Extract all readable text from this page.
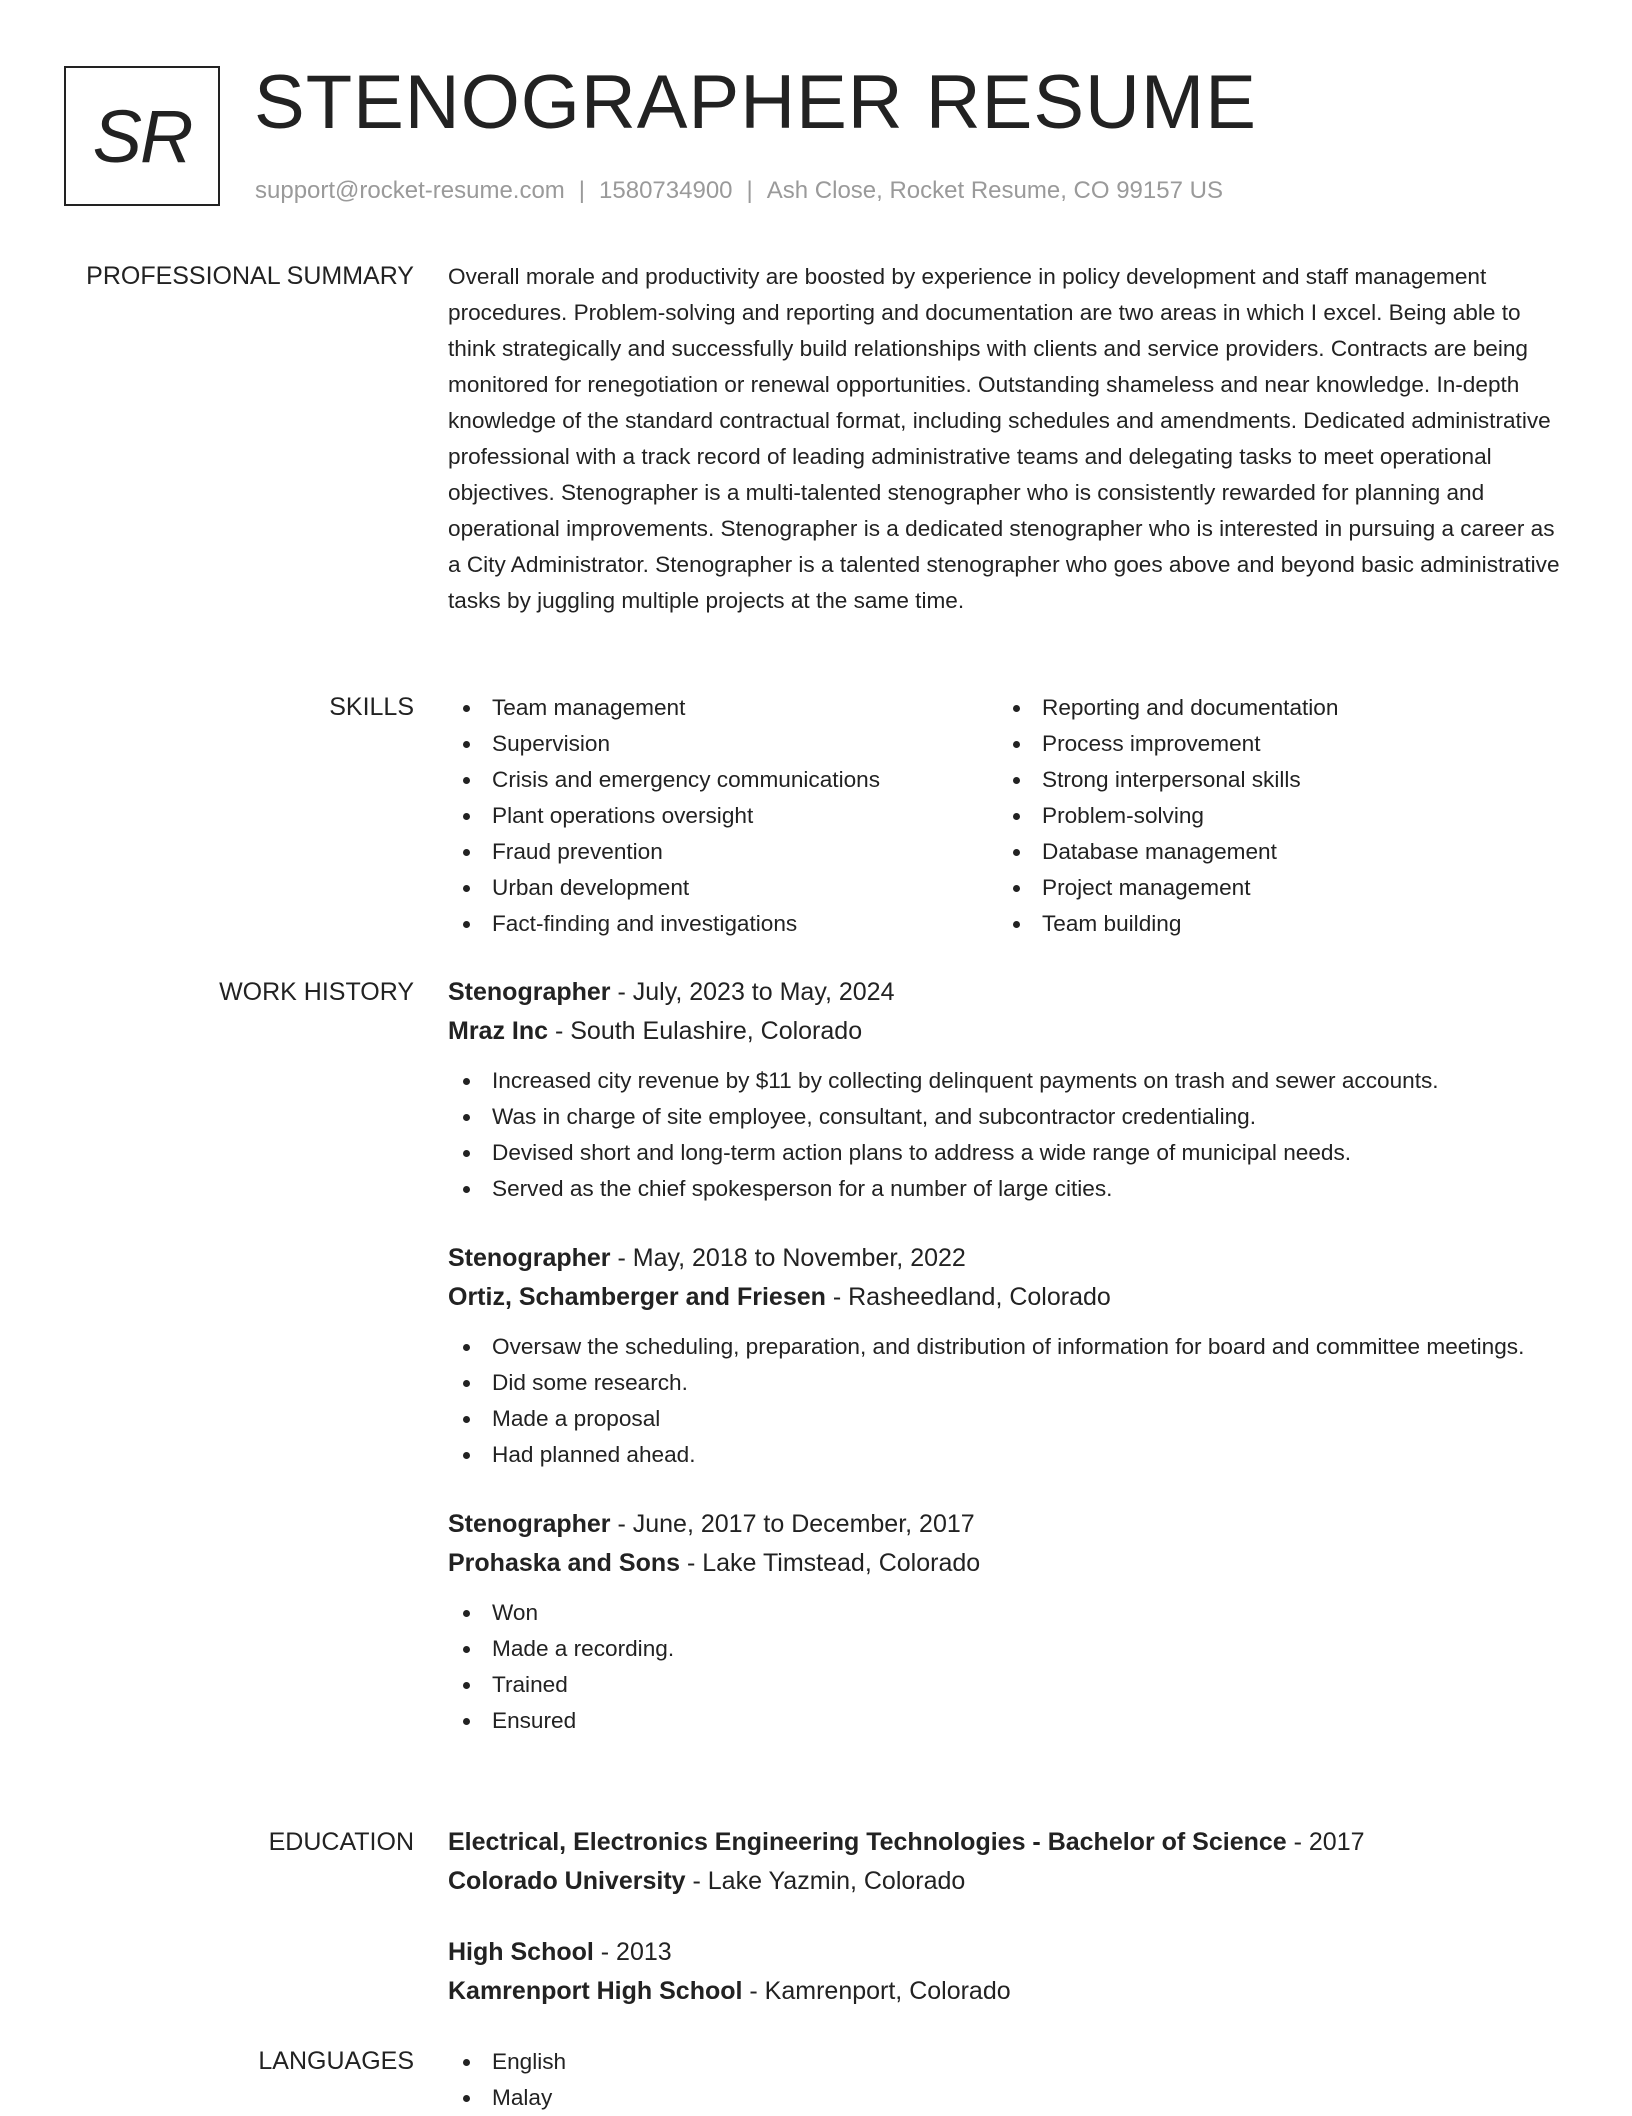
SR STENOGRAPHER RESUME
support@rocket-resume.com | 1580734900 | Ash Close, Rocket Resume, CO 99157 US
PROFESSIONAL SUMMARY Overall morale and productivity are boosted by experience in policy development and staff management procedures. Problem-solving and reporting and documentation are two areas in which I excel. Being able to think strategically and successfully build relationships with clients and service providers. Contracts are being monitored for renegotiation or renewal opportunities. Outstanding shameless and near knowledge. In-depth knowledge of the standard contractual format, including schedules and amendments. Dedicated administrative professional with a track record of leading administrative teams and delegating tasks to meet operational objectives. Stenographer is a multi-talented stenographer who is consistently rewarded for planning and operational improvements. Stenographer is a dedicated stenographer who is interested in pursuing a career as a City Administrator. Stenographer is a talented stenographer who goes above and beyond basic administrative tasks by juggling multiple projects at the same time.

SKILLS	Team management
Supervision
Crisis and emergency communications
Plant operations oversight
Fraud prevention
Urban development
Fact-finding and investigations
Reporting and documentation
Process improvement
Strong interpersonal skills
Problem-solving
Database management
Project management
Team building
WORK HISTORY Stenographer - July, 2023 to May, 2024
Mraz Inc - South Eulashire, Colorado
Increased city revenue by $11 by collecting delinquent payments on trash and sewer accounts.
Was in charge of site employee, consultant, and subcontractor credentialing.
Devised short and long-term action plans to address a wide range of municipal needs.
Served as the chief spokesperson for a number of large cities.
Stenographer - May, 2018 to November, 2022
Ortiz, Schamberger and Friesen - Rasheedland, Colorado
Oversaw the scheduling, preparation, and distribution of information for board and committee meetings.
Did some research.
Made a proposal
Had planned ahead.
Stenographer - June, 2017 to December, 2017
Prohaska and Sons - Lake Timstead, Colorado
Won
Made a recording.
Trained
Ensured
EDUCATION Electrical, Electronics Engineering Technologies - Bachelor of Science - 2017
Colorado University - Lake Yazmin, Colorado
High School - 2013
Kamrenport High School - Kamrenport, Colorado
LANGUAGES	English
Malay
